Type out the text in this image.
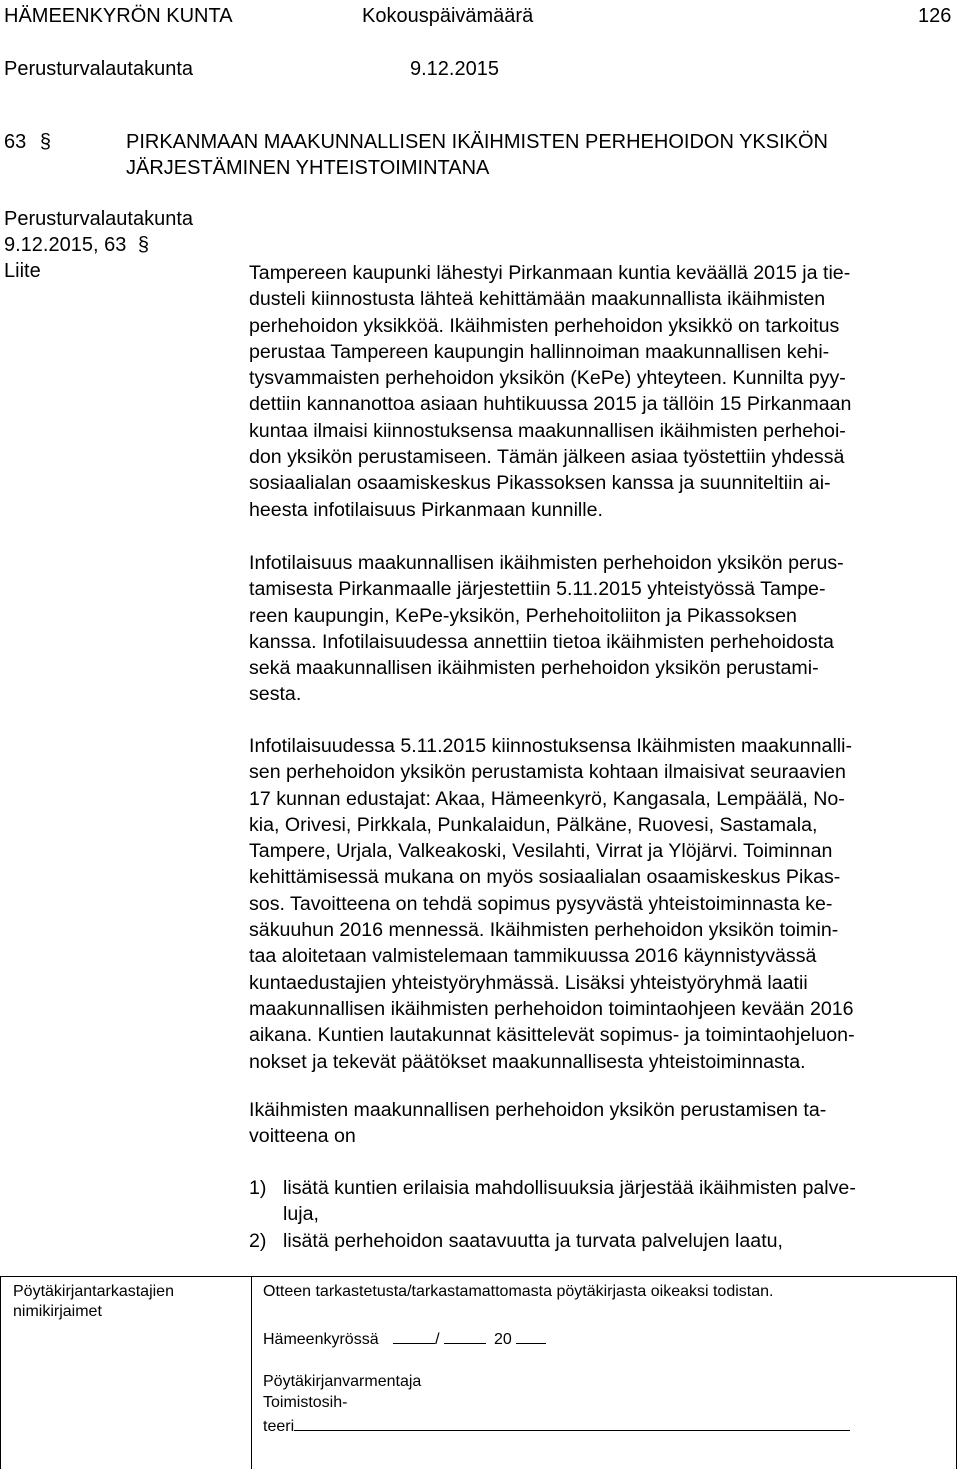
HÄMEENKYRÖN KUNTA	Kokouspäivämäärä	126
Perusturvalautakunta	9.12.2015
63 §	PIRKANMAAN MAAKUNNALLISEN IKÄIHMISTEN PERHEHOIDON YKSIKÖN
JÄRJESTÄMINEN YHTEISTOIMINTANA
Perusturvalautakunta
9.12.2015, 63 §
Liite	Tampereen kaupunki lähestyi Pirkanmaan kuntia keväällä 2015 ja tie-

dusteli kiinnostusta lähteä kehittämään maakunnallista ikäihmisten

perhehoidon yksikköä. Ikäihmisten perhehoidon yksikkö on tarkoitus

perustaa Tampereen kaupungin hallinnoiman maakunnallisen kehi-

tysvammaisten perhehoidon yksikön (KePe) yhteyteen. Kunnilta pyy-

dettiin kannanottoa asiaan huhtikuussa 2015 ja tällöin 15 Pirkanmaan

kuntaa ilmaisi kiinnostuksensa maakunnallisen ikäihmisten perhehoi-

don yksikön perustamiseen. Tämän jälkeen asiaa työstettiin yhdessä

sosiaalialan osaamiskeskus Pikassoksen kanssa ja suunniteltiin ai-

heesta infotilaisuus Pirkanmaan kunnille.

Infotilaisuus maakunnallisen ikäihmisten perhehoidon yksikön perus-

tamisesta Pirkanmaalle järjestettiin 5.11.2015 yhteistyössä Tampe-

reen kaupungin, KePe-yksikön, Perhehoitoliiton ja Pikassoksen

kanssa. Infotilaisuudessa annettiin tietoa ikäihmisten perhehoidosta

sekä maakunnallisen ikäihmisten perhehoidon yksikön perustami-

sesta.

Infotilaisuudessa 5.11.2015 kiinnostuksensa Ikäihmisten maakunnalli-

sen perhehoidon yksikön perustamista kohtaan ilmaisivat seuraavien

17 kunnan edustajat: Akaa, Hämeenkyrö, Kangasala, Lempäälä, No-

kia, Orivesi, Pirkkala, Punkalaidun, Pälkäne, Ruovesi, Sastamala,

Tampere, Urjala, Valkeakoski, Vesilahti, Virrat ja Ylöjärvi. Toiminnan

kehittämisessä mukana on myös sosiaalialan osaamiskeskus Pikas-

sos. Tavoitteena on tehdä sopimus pysyvästä yhteistoiminnasta ke-

säkuuhun 2016 mennessä. Ikäihmisten perhehoidon yksikön toimin-

taa aloitetaan valmistelemaan tammikuussa 2016 käynnistyvässä

kuntaedustajien yhteistyöryhmässä. Lisäksi yhteistyöryhmä laatii

maakunnallisen ikäihmisten perhehoidon toimintaohjeen kevään 2016

aikana. Kuntien lautakunnat käsittelevät sopimus- ja toimintaohjeluon-

nokset ja tekevät päätökset maakunnallisesta yhteistoiminnasta.

Ikäihmisten maakunnallisen perhehoidon yksikön perustamisen ta-

voitteena on

1) lisätä kuntien erilaisia mahdollisuuksia järjestää ikäihmisten palve-
luja,
2) lisätä perhehoidon saatavuutta ja turvata palvelujen laatu,
Pöytäkirjantarkastajien
nimikirjaimet
Otteen tarkastetusta/tarkastamattomasta pöytäkirjasta oikeaksi todistan.
Hämeenkyrössä	/	20
Pöytäkirjanvarmentaja
Toimistosih-
teeri
